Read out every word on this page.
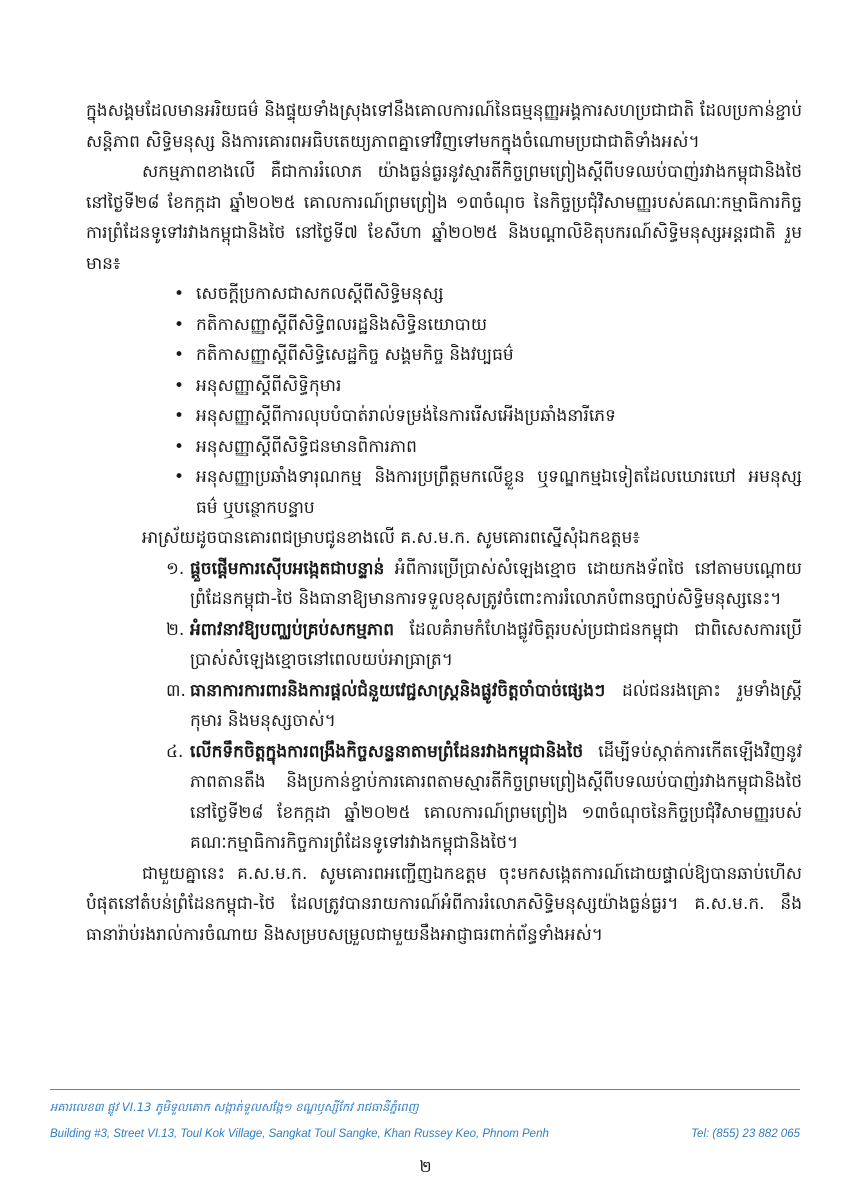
ក្នុងសង្គមដែលមានអរិយធម៌ និងផ្ទុយទាំងស្រុងទៅនឹងគោលការណ៍នៃធម្មនុញ្ញអង្គការសហប្រជាជាតិ ដែលប្រកាន់ខ្ជាប់សន្តិភាព សិទ្ធិមនុស្ស និងការគោរពអធិបតេយ្យភាពគ្នាទៅវិញទៅមកក្នុងចំណោមប្រជាជាតិទាំងអស់។

សកម្មភាពខាងលើ គឺជាការរំលោភ យ៉ាងធ្ងន់ធ្ងរនូវស្មារតីកិច្ចព្រមព្រៀងស្តីពីបទឈប់បាញ់រវាងកម្ពុជានិងថៃ នៅថ្ងៃទី២៨ ខែកក្កដា ឆ្នាំ២០២៥ គោលការណ៍ព្រមព្រៀង ១៣ចំណុច នៃកិច្ចប្រជុំវិសាមញ្ញរបស់គណៈកម្មាធិការកិច្ចការព្រំដែនទូទៅរវាងកម្ពុជានិងថៃ នៅថ្ងៃទី៧ ខែសីហា ឆ្នាំ២០២៥ និងបណ្តាលិខិតុបករណ៍សិទ្ធិមនុស្សអន្តរជាតិ រួមមាន៖

• សេចក្តីប្រកាសជាសកលស្តីពីសិទ្ធិមនុស្ស
• កតិកាសញ្ញាស្តីពីសិទ្ធិពលរដ្ឋនិងសិទ្ធិនយោបាយ
• កតិកាសញ្ញាស្តីពីសិទ្ធិសេដ្ឋកិច្ច សង្គមកិច្ច និងវប្បធម៌
• អនុសញ្ញាស្តីពីសិទ្ធិកុមារ
• អនុសញ្ញាស្តីពីការលុបបំបាត់រាល់ទម្រង់នៃការរើសអើងប្រឆាំងនារីភេទ
• អនុសញ្ញាស្តីពីសិទ្ធិជនមានពិការភាព
• អនុសញ្ញាប្រឆាំងទារុណកម្ម និងការប្រព្រឹត្តមកលើខ្លួន ឬទណ្ឌកម្មឯទៀតដែលឃោរឃៅ អមនុស្សធម៌ ឬបន្ថោកបន្ទាប

អាស្រ័យដូចបានគោរពជម្រាបជូនខាងលើ គ.ស.ម.ក. សូមគោរពស្នើសុំឯកឧត្តម៖

១. ផ្តួចផ្តើមការស៊ើបអង្កេតជាបន្ទាន់ អំពីការប្រើប្រាស់សំឡេងខ្មោច ដោយកងទ័ពថៃ នៅតាមបណ្តោយព្រំដែនកម្ពុជា-ថៃ និងធានាឱ្យមានការទទួលខុសត្រូវចំពោះការរំលោភបំពានច្បាប់សិទ្ធិមនុស្សនេះ។
២. អំពាវនាវឱ្យបញ្ឈប់គ្រប់សកម្មភាព ដែលគំរាមកំហែងផ្លូវចិត្តរបស់ប្រជាជនកម្ពុជា ជាពិសេសការប្រើប្រាស់សំឡេងខ្មោចនៅពេលយប់អាធ្រាត្រ។
៣. ធានាការការពារនិងការផ្តល់ជំនួយវេជ្ជសាស្ត្រនិងផ្លូវចិត្តចាំបាច់ផ្សេងៗ ដល់ជនរងគ្រោះ រួមទាំងស្ត្រី កុមារ និងមនុស្សចាស់។
៤. លើកទឹកចិត្តក្នុងការពង្រឹងកិច្ចសន្ទនាតាមព្រំដែនរវាងកម្ពុជានិងថៃ ដើម្បីទប់ស្កាត់ការកើតឡើងវិញនូវភាពតានតឹង និងប្រកាន់ខ្ជាប់ការគោរពតាមស្មារតីកិច្ចព្រមព្រៀងស្តីពីបទឈប់បាញ់រវាងកម្ពុជានិងថៃ នៅថ្ងៃទី២៨ ខែកក្កដា ឆ្នាំ២០២៥ គោលការណ៍ព្រមព្រៀង ១៣ចំណុចនៃកិច្ចប្រជុំវិសាមញ្ញរបស់គណៈកម្មាធិការកិច្ចការព្រំដែនទូទៅរវាងកម្ពុជានិងថៃ។

ជាមួយគ្នានេះ គ.ស.ម.ក. សូមគោរពអញ្ជើញឯកឧត្តម ចុះមកសង្កេតការណ៍ដោយផ្ទាល់ឱ្យបានឆាប់ហើសបំផុតនៅតំបន់ព្រំដែនកម្ពុជា-ថៃ ដែលត្រូវបានរាយការណ៍អំពីការរំលោភសិទ្ធិមនុស្សយ៉ាងធ្ងន់ធ្ងរ។ គ.ស.ម.ក. នឹងធានារ៉ាប់រងរាល់ការចំណាយ និងសម្របសម្រួលជាមួយនឹងអាជ្ញាធរពាក់ព័ន្ធទាំងអស់។

អគារលេខ៣ ផ្លូវ VI.13 ភូមិទួលគោក សង្កាត់ទួលសង្កែ១ ខណ្ឌឫស្សីកែវ រាជធានីភ្នំពេញ
Building #3, Street VI.13, Toul Kok Village, Sangkat Toul Sangke, Khan Russey Keo, Phnom Penh	Tel: (855) 23 882 065
២
